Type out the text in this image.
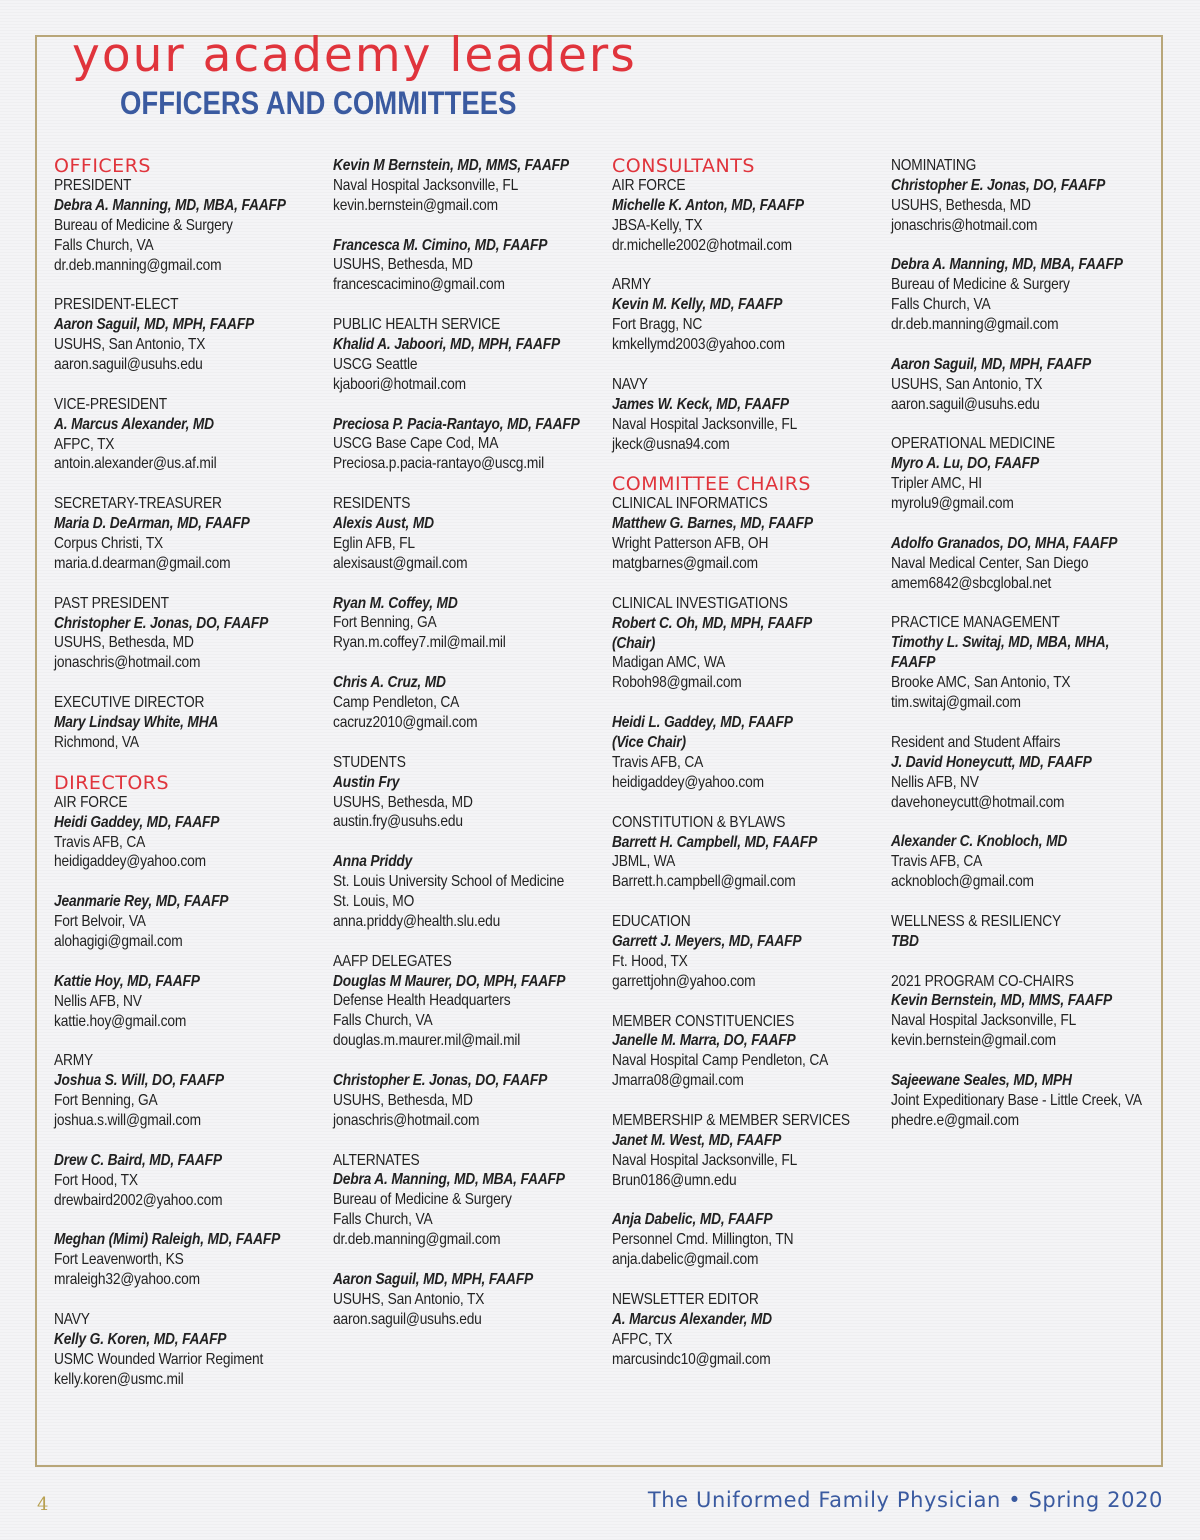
your academy leaders
OFFICERS AND COMMITTEES
OFFICERS
PRESIDENT
Debra A. Manning, MD, MBA, FAAFP
Bureau of Medicine & Surgery
Falls Church, VA
dr.deb.manning@gmail.com
PRESIDENT-ELECT
Aaron Saguil, MD, MPH, FAAFP
USUHS, San Antonio, TX
aaron.saguil@usuhs.edu
VICE-PRESIDENT
A. Marcus Alexander, MD
AFPC, TX
antoin.alexander@us.af.mil
SECRETARY-TREASURER
Maria D. DeArman, MD, FAAFP
Corpus Christi, TX
maria.d.dearman@gmail.com
PAST PRESIDENT
Christopher E. Jonas, DO, FAAFP
USUHS, Bethesda, MD
jonaschris@hotmail.com
EXECUTIVE DIRECTOR
Mary Lindsay White, MHA
Richmond, VA
DIRECTORS
AIR FORCE
Heidi Gaddey, MD, FAAFP
Travis AFB, CA
heidigaddey@yahoo.com
Jeanmarie Rey, MD, FAAFP
Fort Belvoir, VA
alohagigi@gmail.com
Kattie Hoy, MD, FAAFP
Nellis AFB, NV
kattie.hoy@gmail.com
ARMY
Joshua S. Will, DO, FAAFP
Fort Benning, GA
joshua.s.will@gmail.com
Drew C. Baird, MD, FAAFP
Fort Hood, TX
drewbaird2002@yahoo.com
Meghan (Mimi) Raleigh, MD, FAAFP
Fort Leavenworth, KS
mraleigh32@yahoo.com
NAVY
Kelly G. Koren, MD, FAAFP
USMC Wounded Warrior Regiment
kelly.koren@usmc.mil
Kevin M Bernstein, MD, MMS, FAAFP
Naval Hospital Jacksonville, FL
kevin.bernstein@gmail.com
Francesca M. Cimino, MD, FAAFP
USUHS, Bethesda, MD
francescacimino@gmail.com
PUBLIC HEALTH SERVICE
Khalid A. Jaboori, MD, MPH, FAAFP
USCG Seattle
kjaboori@hotmail.com
Preciosa P. Pacia-Rantayo, MD, FAAFP
USCG Base Cape Cod, MA
Preciosa.p.pacia-rantayo@uscg.mil
RESIDENTS
Alexis Aust, MD
Eglin AFB, FL
alexisaust@gmail.com
Ryan M. Coffey, MD
Fort Benning, GA
Ryan.m.coffey7.mil@mail.mil
Chris A. Cruz, MD
Camp Pendleton, CA
cacruz2010@gmail.com
STUDENTS
Austin Fry
USUHS, Bethesda, MD
austin.fry@usuhs.edu
Anna Priddy
St. Louis University School of Medicine
St. Louis, MO
anna.priddy@health.slu.edu
AAFP DELEGATES
Douglas M Maurer, DO, MPH, FAAFP
Defense Health Headquarters
Falls Church, VA
douglas.m.maurer.mil@mail.mil
Christopher E. Jonas, DO, FAAFP
USUHS, Bethesda, MD
jonaschris@hotmail.com
ALTERNATES
Debra A. Manning, MD, MBA, FAAFP
Bureau of Medicine & Surgery
Falls Church, VA
dr.deb.manning@gmail.com
Aaron Saguil, MD, MPH, FAAFP
USUHS, San Antonio, TX
aaron.saguil@usuhs.edu
CONSULTANTS
AIR FORCE
Michelle K. Anton, MD, FAAFP
JBSA-Kelly, TX
dr.michelle2002@hotmail.com
ARMY
Kevin M. Kelly, MD, FAAFP
Fort Bragg, NC
kmkellymd2003@yahoo.com
NAVY
James W. Keck, MD, FAAFP
Naval Hospital Jacksonville, FL
jkeck@usna94.com
COMMITTEE CHAIRS
CLINICAL INFORMATICS
Matthew G. Barnes, MD, FAAFP
Wright Patterson AFB, OH
matgbarnes@gmail.com
CLINICAL INVESTIGATIONS
Robert C. Oh, MD, MPH, FAAFP
(Chair)
Madigan AMC, WA
Roboh98@gmail.com
Heidi L. Gaddey, MD, FAAFP
(Vice Chair)
Travis AFB, CA
heidigaddey@yahoo.com
CONSTITUTION & BYLAWS
Barrett H. Campbell, MD, FAAFP
JBML, WA
Barrett.h.campbell@gmail.com
EDUCATION
Garrett J. Meyers, MD, FAAFP
Ft. Hood, TX
garrettjohn@yahoo.com
MEMBER CONSTITUENCIES
Janelle M. Marra, DO, FAAFP
Naval Hospital Camp Pendleton, CA
Jmarra08@gmail.com
MEMBERSHIP & MEMBER SERVICES
Janet M. West, MD, FAAFP
Naval Hospital Jacksonville, FL
Brun0186@umn.edu
Anja Dabelic, MD, FAAFP
Personnel Cmd. Millington, TN
anja.dabelic@gmail.com
NEWSLETTER EDITOR
A. Marcus Alexander, MD
AFPC, TX
marcusindc10@gmail.com
NOMINATING
Christopher E. Jonas, DO, FAAFP
USUHS, Bethesda, MD
jonaschris@hotmail.com
Debra A. Manning, MD, MBA, FAAFP
Bureau of Medicine & Surgery
Falls Church, VA
dr.deb.manning@gmail.com
Aaron Saguil, MD, MPH, FAAFP
USUHS, San Antonio, TX
aaron.saguil@usuhs.edu
OPERATIONAL MEDICINE
Myro A. Lu, DO, FAAFP
Tripler AMC, HI
myrolu9@gmail.com
Adolfo Granados, DO, MHA, FAAFP
Naval Medical Center, San Diego
amem6842@sbcglobal.net
PRACTICE MANAGEMENT
Timothy L. Switaj, MD, MBA, MHA,
FAAFP
Brooke AMC, San Antonio, TX
tim.switaj@gmail.com
Resident and Student Affairs
J. David Honeycutt, MD, FAAFP
Nellis AFB, NV
davehoneycutt@hotmail.com
Alexander C. Knobloch, MD
Travis AFB, CA
acknobloch@gmail.com
WELLNESS & RESILIENCY
TBD
2021 PROGRAM CO-CHAIRS
Kevin Bernstein, MD, MMS, FAAFP
Naval Hospital Jacksonville, FL
kevin.bernstein@gmail.com
Sajeewane Seales, MD, MPH
Joint Expeditionary Base - Little Creek, VA
phedre.e@gmail.com
4	The Uniformed Family Physician • Spring 2020
